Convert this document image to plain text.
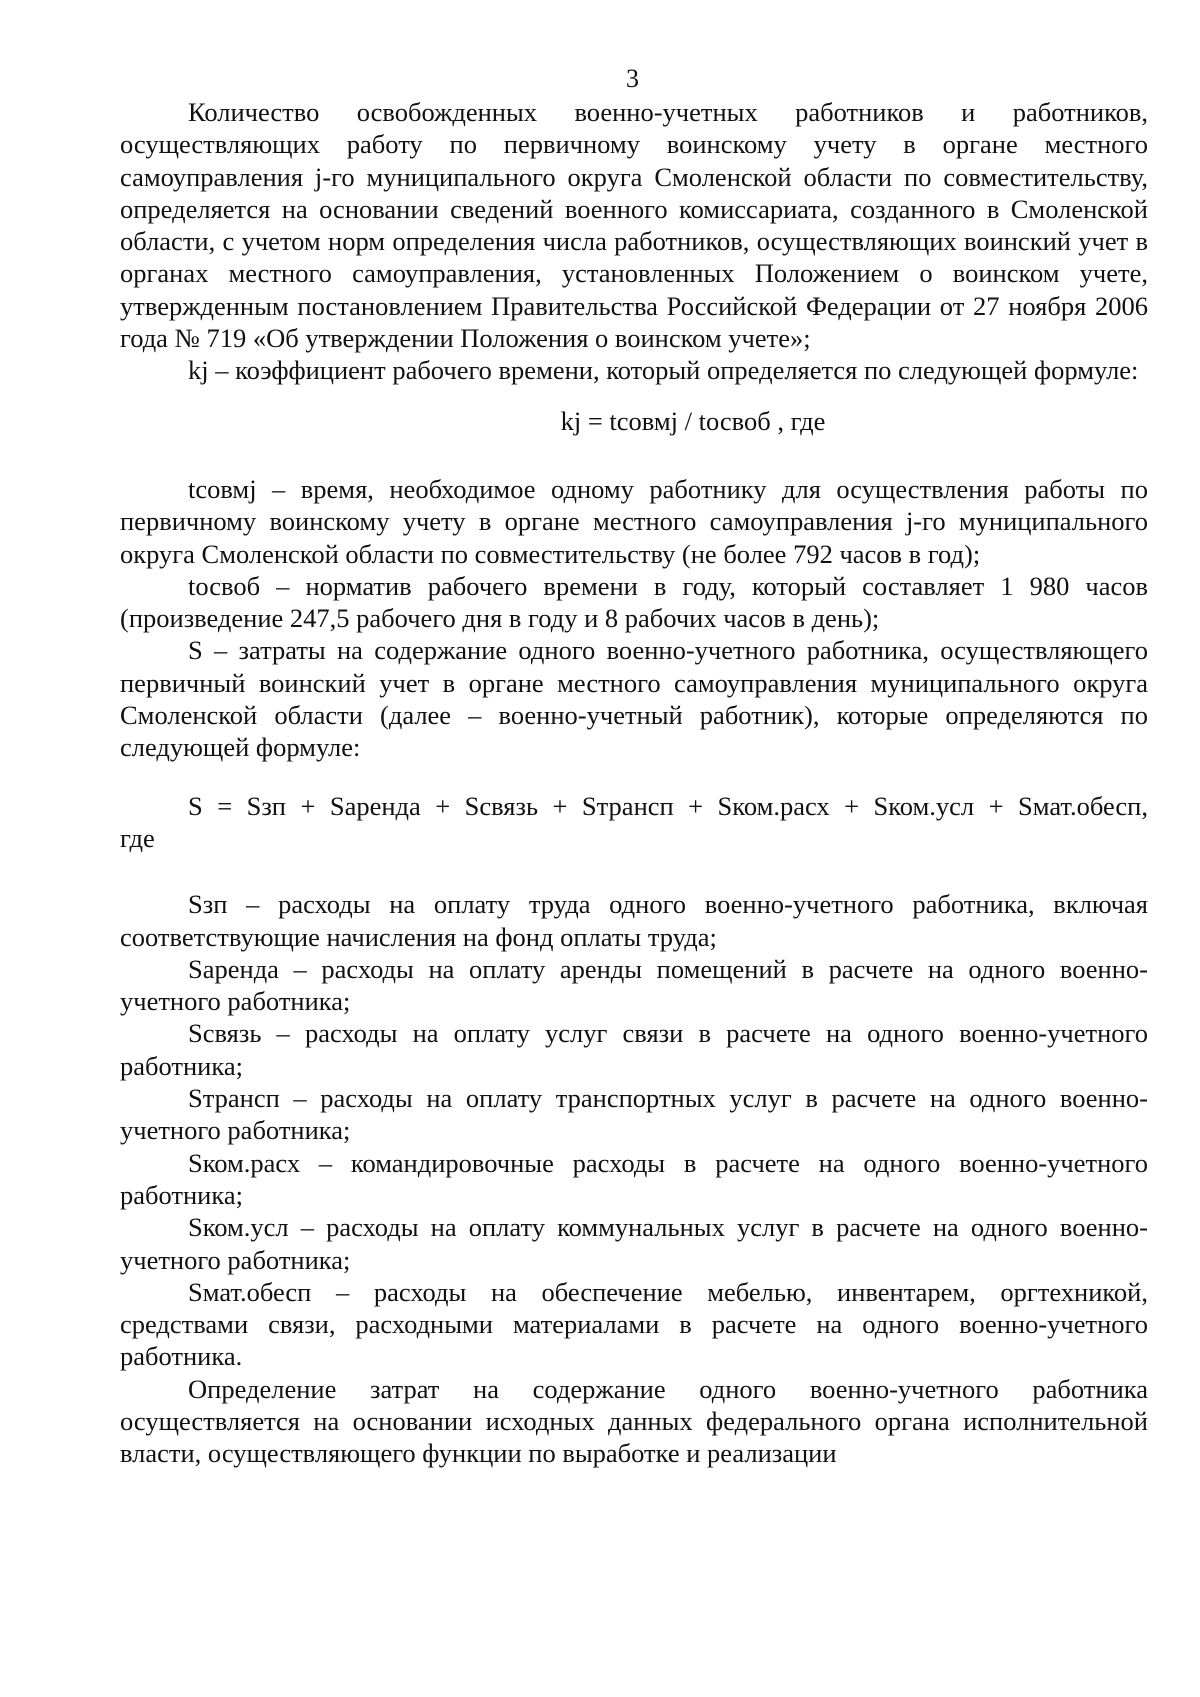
3

Количество освобожденных военно-учетных работников и работников, осуществляющих работу по первичному воинскому учету в органе местного самоуправления j-го муниципального округа Смоленской области по совместительству, определяется на основании сведений военного комиссариата, созданного в Смоленской области, с учетом норм определения числа работников, осуществляющих воинский учет в органах местного самоуправления, установленных Положением о воинском учете, утвержденным постановлением Правительства Российской Федерации от 27 ноября 2006 года № 719 «Об утверждении Положения о воинском учете»;

kj – коэффициент рабочего времени, который определяется по следующей формуле:

kj = tсовмj / tосвоб , где

tсовмj – время, необходимое одному работнику для осуществления работы по первичному воинскому учету в органе местного самоуправления j-го муниципального округа Смоленской области по совместительству (не более 792 часов в год);

tосвоб – норматив рабочего времени в году, который составляет 1 980 часов (произведение 247,5 рабочего дня в году и 8 рабочих часов в день);

S – затраты на содержание одного военно-учетного работника, осуществляющего первичный воинский учет в органе местного самоуправления муниципального округа Смоленской области (далее – военно-учетный работник), которые определяются по следующей формуле:

S = Sзп + Sаренда + Sсвязь + Sтрансп + Sком.расх + Sком.усл + Sмат.обесп,

где

Sзп – расходы на оплату труда одного военно-учетного работника, включая соответствующие начисления на фонд оплаты труда;

Sаренда – расходы на оплату аренды помещений в расчете на одного военно-учетного работника;

Sсвязь – расходы на оплату услуг связи в расчете на одного военно-учетного работника;

Sтрансп – расходы на оплату транспортных услуг в расчете на одного военно-учетного работника;

Sком.расх – командировочные расходы в расчете на одного военно-учетного работника;

Sком.усл – расходы на оплату коммунальных услуг в расчете на одного военно-учетного работника;

Sмат.обесп – расходы на обеспечение мебелью, инвентарем, оргтехникой, средствами связи, расходными материалами в расчете на одного военно-учетного работника.

Определение затрат на содержание одного военно-учетного работника осуществляется на основании исходных данных федерального органа исполнительной власти, осуществляющего функции по выработке и реализации
